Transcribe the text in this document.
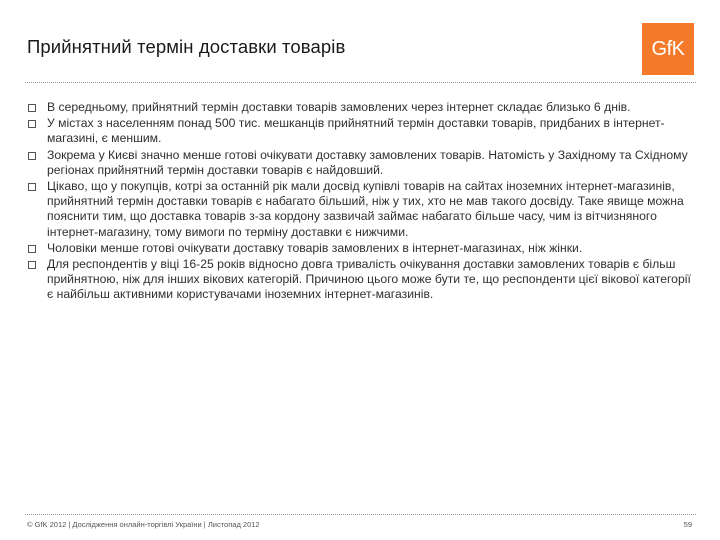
Прийнятний термін доставки товарів	GfK
В середньому, прийнятний термін доставки товарів замовлених через інтернет складає близько 6 днів.
У містах з населенням понад 500 тис. мешканців прийнятний термін доставки товарів, придбаних в інтернет-магазині, є меншим.
Зокрема у Києві значно менше готові очікувати доставку замовлених товарів. Натомість у Західному та Східному регіонах прийнятний термін доставки товарів є найдовший.
Цікаво, що у покупців, котрі за останній рік мали досвід купівлі товарів на сайтах іноземних інтернет-магазинів, прийнятний термін доставки товарів є набагато більший, ніж у тих, хто не мав такого досвіду. Таке явище можна пояснити тим, що доставка товарів з-за кордону зазвичай займає набагато більше часу, чим із вітчизняного інтернет-магазину, тому вимоги по терміну доставки є нижчими.
Чоловіки менше готові очікувати доставку товарів замовлених в інтернет-магазинах, ніж жінки.
Для респондентів у віці 16-25 років відносно довга тривалість очікування доставки замовлених товарів є більш прийнятною, ніж для інших вікових категорій. Причиною цього може бути те, що респонденти цієї вікової категорії є найбільш активними користувачами іноземних інтернет-магазинів.
© GfK 2012 | Дослідження онлайн-торгівлі України | Листопад 2012	59
